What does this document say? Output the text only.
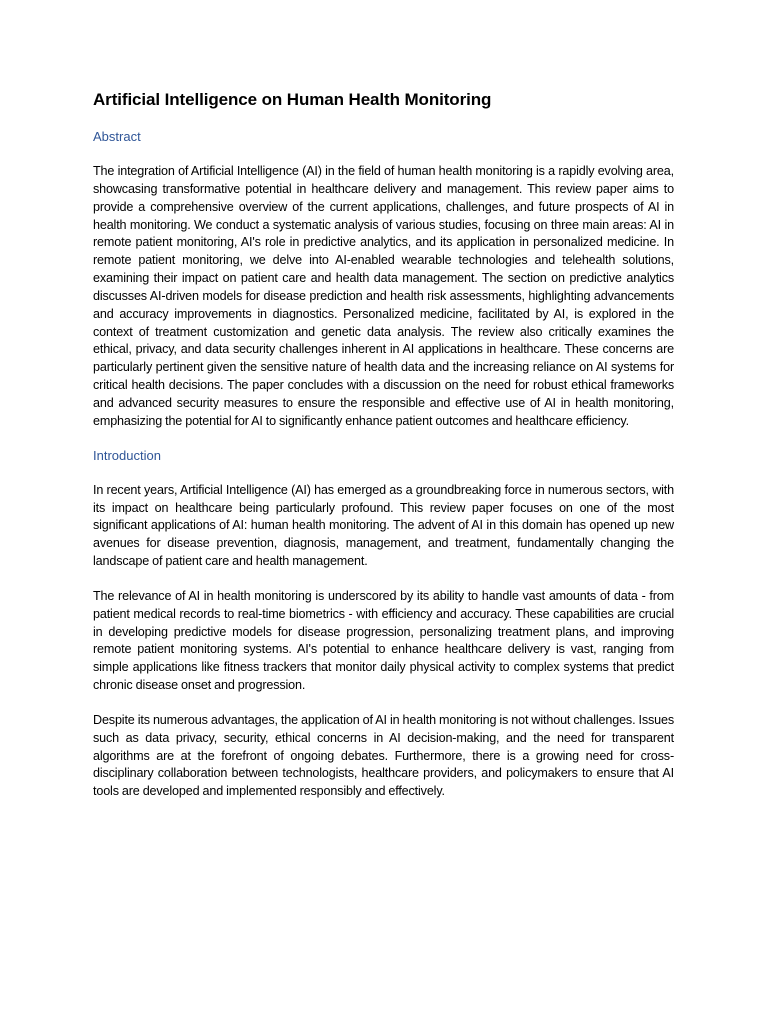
Artificial Intelligence on Human Health Monitoring
Abstract

The integration of Artificial Intelligence (AI) in the field of human health monitoring is a rapidly evolving area, showcasing transformative potential in healthcare delivery and management. This review paper aims to provide a comprehensive overview of the current applications, challenges, and future prospects of AI in health monitoring. We conduct a systematic analysis of various studies, focusing on three main areas: AI in remote patient monitoring, AI's role in predictive analytics, and its application in personalized medicine. In remote patient monitoring, we delve into AI-enabled wearable technologies and telehealth solutions, examining their impact on patient care and health data management. The section on predictive analytics discusses AI-driven models for disease prediction and health risk assessments, highlighting advancements and accuracy improvements in diagnostics. Personalized medicine, facilitated by AI, is explored in the context of treatment customization and genetic data analysis. The review also critically examines the ethical, privacy, and data security challenges inherent in AI applications in healthcare. These concerns are particularly pertinent given the sensitive nature of health data and the increasing reliance on AI systems for critical health decisions. The paper concludes with a discussion on the need for robust ethical frameworks and advanced security measures to ensure the responsible and effective use of AI in health monitoring, emphasizing the potential for AI to significantly enhance patient outcomes and healthcare efficiency.

Introduction

In recent years, Artificial Intelligence (AI) has emerged as a groundbreaking force in numerous sectors, with its impact on healthcare being particularly profound. This review paper focuses on one of the most significant applications of AI: human health monitoring. The advent of AI in this domain has opened up new avenues for disease prevention, diagnosis, management, and treatment, fundamentally changing the landscape of patient care and health management.

The relevance of AI in health monitoring is underscored by its ability to handle vast amounts of data - from patient medical records to real-time biometrics - with efficiency and accuracy. These capabilities are crucial in developing predictive models for disease progression, personalizing treatment plans, and improving remote patient monitoring systems. AI's potential to enhance healthcare delivery is vast, ranging from simple applications like fitness trackers that monitor daily physical activity to complex systems that predict chronic disease onset and progression.

Despite its numerous advantages, the application of AI in health monitoring is not without challenges. Issues such as data privacy, security, ethical concerns in AI decision-making, and the need for transparent algorithms are at the forefront of ongoing debates. Furthermore, there is a growing need for cross-disciplinary collaboration between technologists, healthcare providers, and policymakers to ensure that AI tools are developed and implemented responsibly and effectively.
